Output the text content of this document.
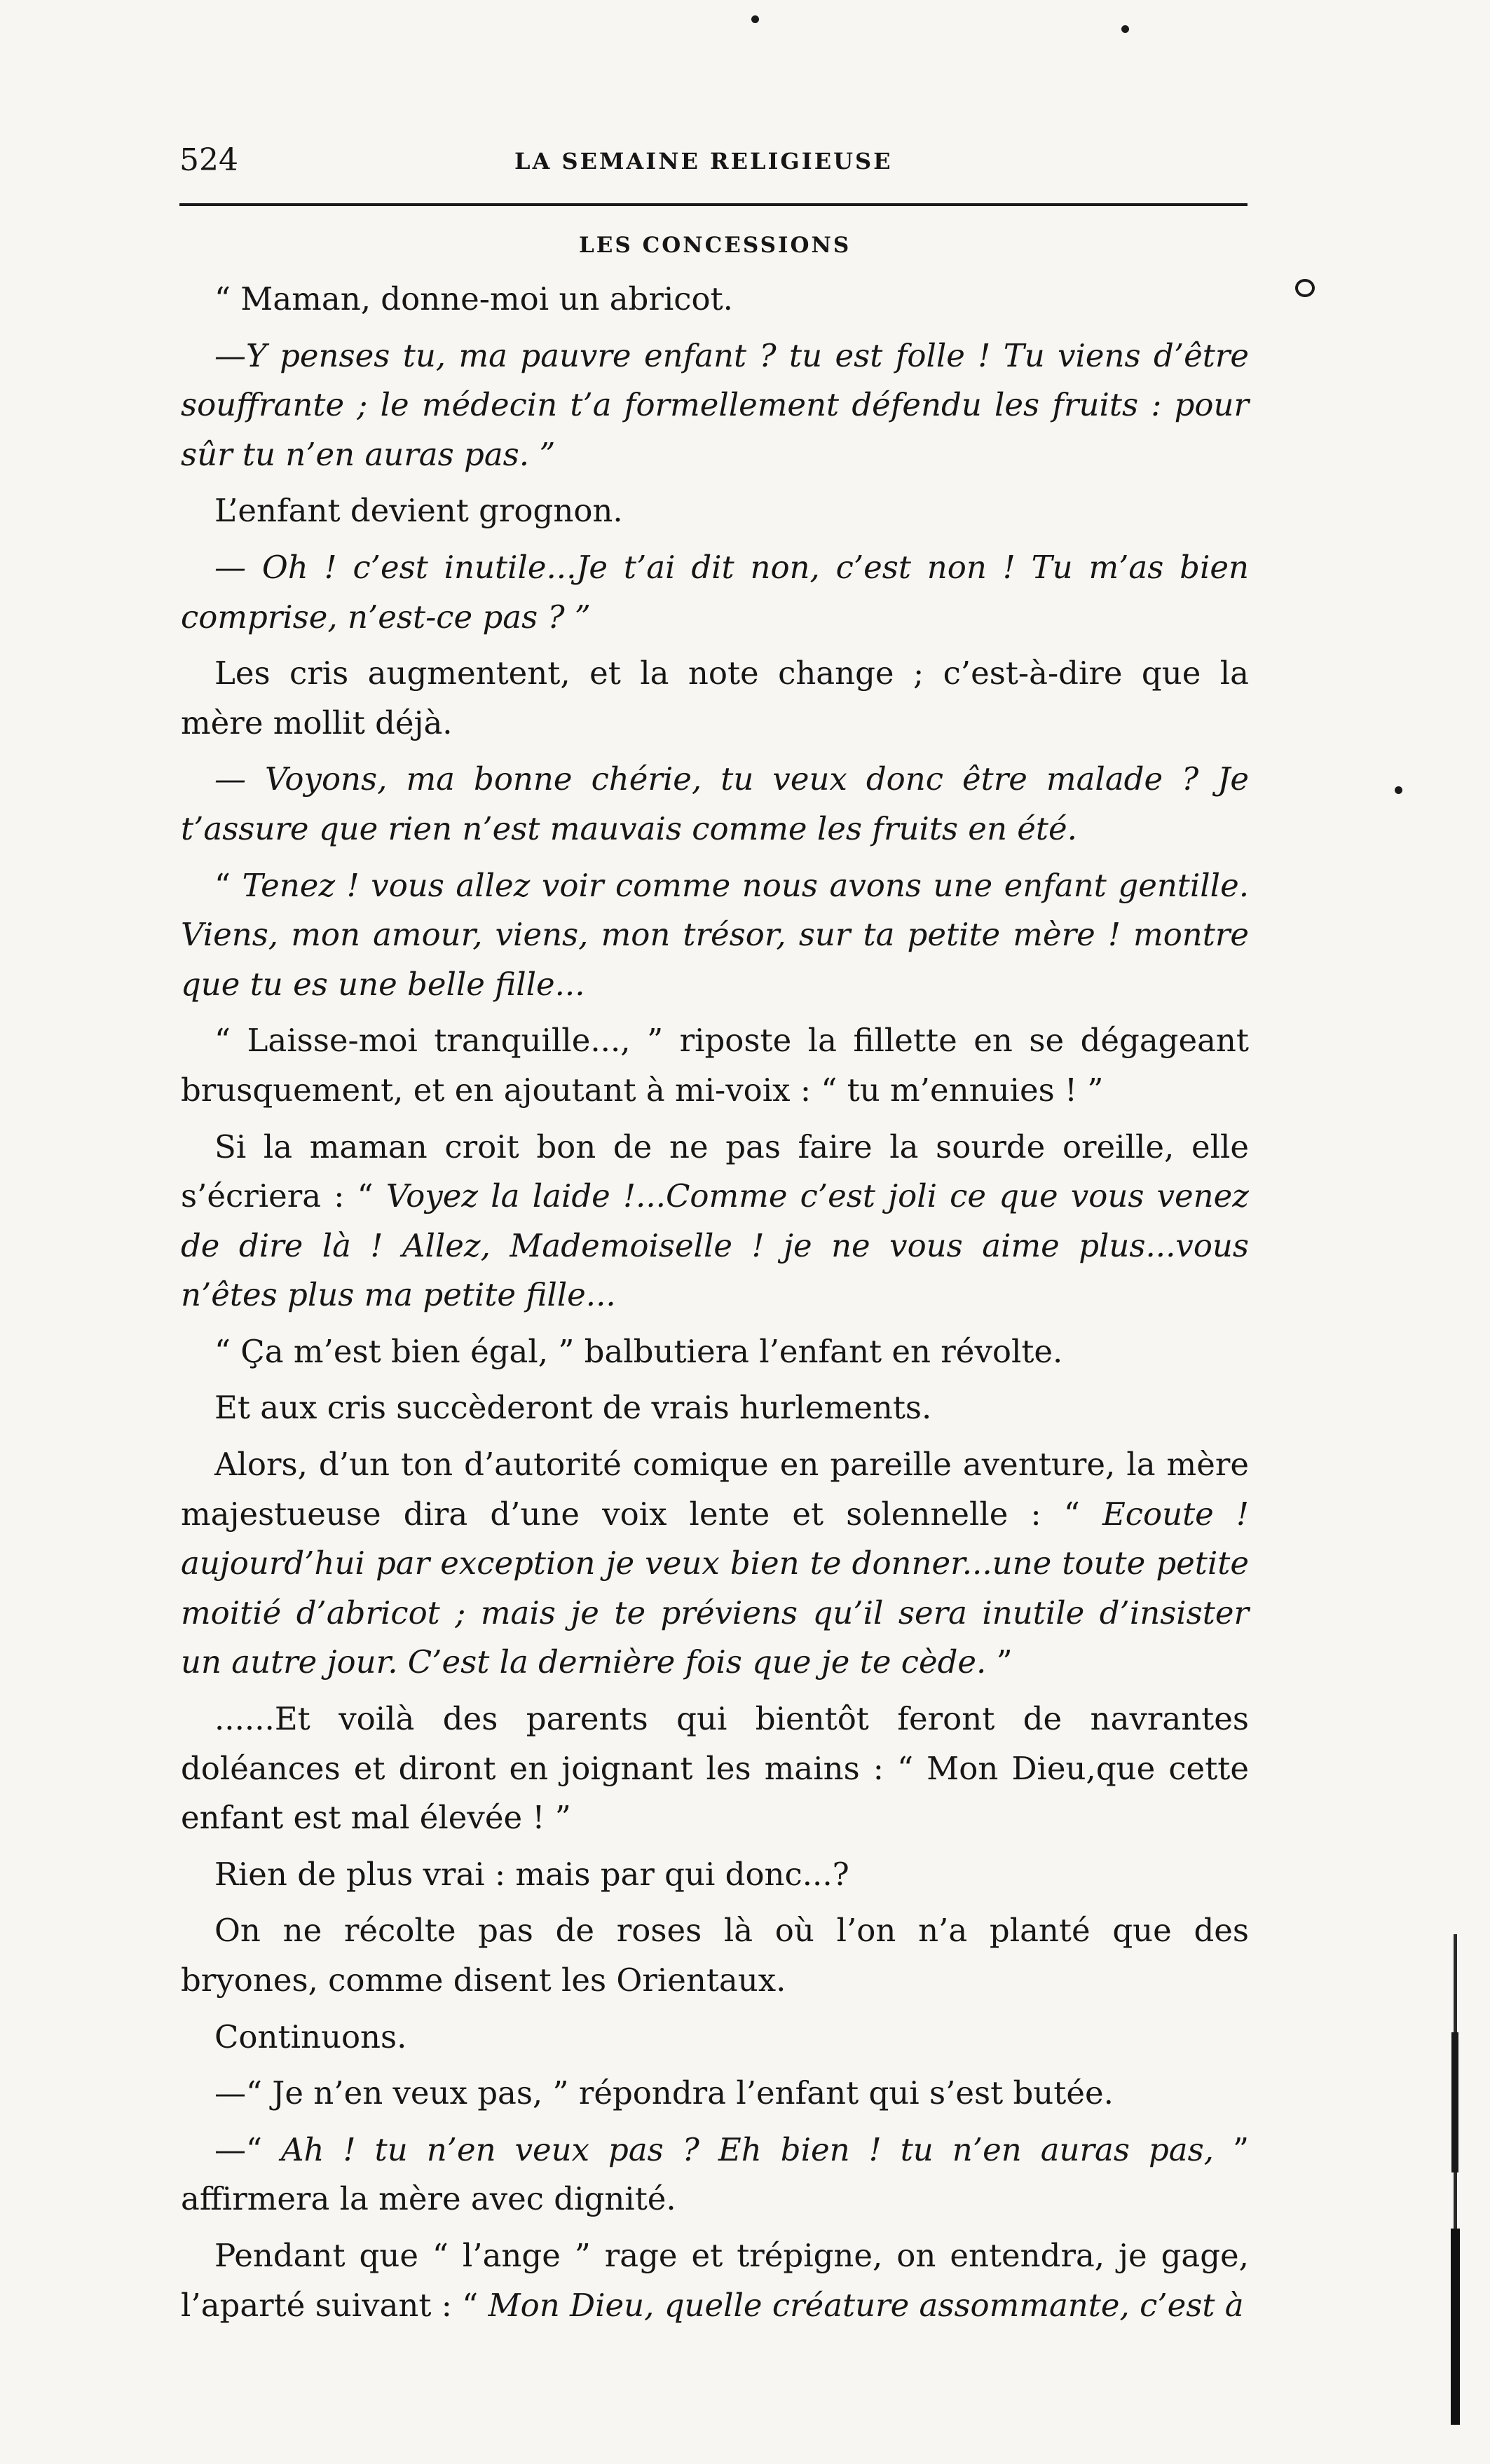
524	LA SEMAINE RELIGIEUSE
LES CONCESSIONS

“ Maman, donne-moi un abricot.

—Y penses tu, ma pauvre enfant ? tu est folle ! Tu viens d’être souffrante ; le médecin t’a formellement défendu les fruits : pour sûr tu n’en auras pas. ”

L’enfant devient grognon.

— Oh ! c’est inutile...Je t’ai dit non, c’est non ! Tu m’as bien comprise, n’est-ce pas ? ”

Les cris augmentent, et la note change ; c’est-à-dire que la mère mollit déjà.

— Voyons, ma bonne chérie, tu veux donc être malade ? Je t’assure que rien n’est mauvais comme les fruits en été.

“ Tenez ! vous allez voir comme nous avons une enfant gentille. Viens, mon amour, viens, mon trésor, sur ta petite mère ! montre que tu es une belle fille...

“ Laisse-moi tranquille..., ” riposte la fillette en se dégageant brusquement, et en ajoutant à mi-voix : “ tu m’ennuies ! ”

Si la maman croit bon de ne pas faire la sourde oreille, elle s’écriera : “ Voyez la laide !...Comme c’est joli ce que vous venez de dire là ! Allez, Mademoiselle ! je ne vous aime plus...vous n’êtes plus ma petite fille...

“ Ça m’est bien égal, ” balbutiera l’enfant en révolte.

Et aux cris succèderont de vrais hurlements.

Alors, d’un ton d’autorité comique en pareille aventure, la mère majestueuse dira d’une voix lente et solennelle : “ Ecoute ! aujourd’hui par exception je veux bien te donner...une toute petite moitié d’abricot ; mais je te préviens qu’il sera inutile d’insister un autre jour. C’est la dernière fois que je te cède. ”

......Et voilà des parents qui bientôt feront de navrantes doléances et diront en joignant les mains : “ Mon Dieu,que cette enfant est mal élevée ! ”

Rien de plus vrai : mais par qui donc...?

On ne récolte pas de roses là où l’on n’a planté que des bryones, comme disent les Orientaux.

Continuons.

—“ Je n’en veux pas, ” répondra l’enfant qui s’est butée.

—“ Ah ! tu n’en veux pas ? Eh bien ! tu n’en auras pas, ” affirmera la mère avec dignité.

Pendant que “ l’ange ” rage et trépigne, on entendra, je gage, l’aparté suivant : “ Mon Dieu, quelle créature assommante, c’est à
